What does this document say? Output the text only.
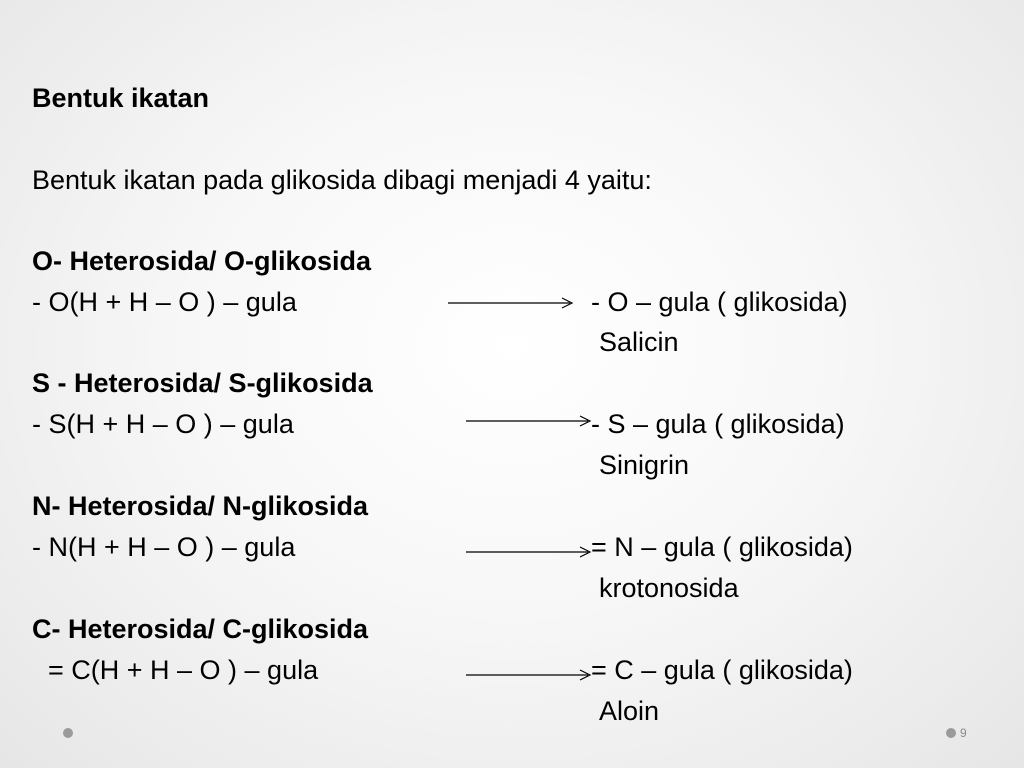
Bentuk ikatan
Bentuk ikatan pada glikosida dibagi menjadi 4 yaitu:
O- Heterosida/ O-glikosida
- O(H + H – O ) – gula	- O – gula ( glikosida)
Salicin
S - Heterosida/ S-glikosida
- S(H + H – O ) – gula	- S – gula ( glikosida)
Sinigrin
N- Heterosida/ N-glikosida
- N(H + H – O ) – gula	= N – gula ( glikosida)
krotonosida
C- Heterosida/ C-glikosida
= C(H + H – O ) – gula	= C – gula ( glikosida)
Aloin
9
